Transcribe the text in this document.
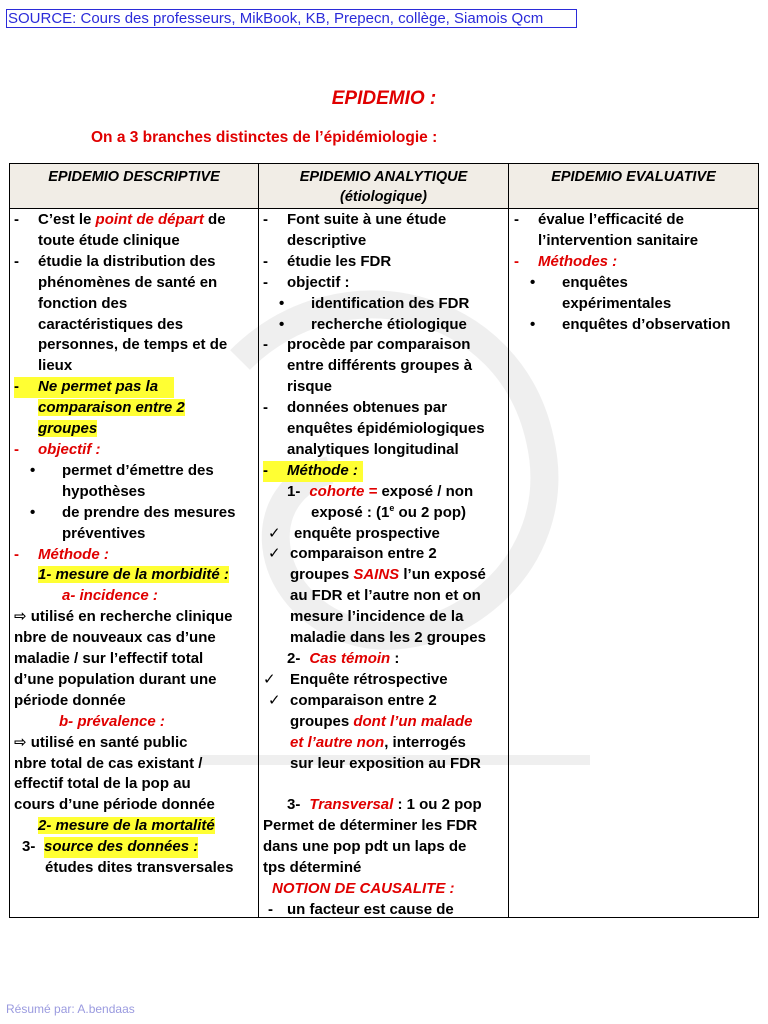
SOURCE: Cours des professeurs, MikBook, KB, Prepecn, collège, Siamois Qcm
EPIDEMIO :
On a 3 branches distinctes de l’épidémiologie :
EPIDEMIO DESCRIPTIVE	EPIDEMIO ANALYTIQUE
(étiologique)
EPIDEMIO EVALUATIVE
- C’est le point de départ de
toute étude clinique
- étudie la distribution des
phénomènes de santé en
fonction des
caractéristiques des
personnes, de temps et de
lieux
- Ne permet pas la
comparaison entre 2
groupes
- objectif :
• permet d’émettre des
hypothèses
• de prendre des mesures
préventives
- Méthode :
1- mesure de la morbidité :
a- incidence :
⇨ utilisé en recherche clinique
nbre de nouveaux cas d’une
maladie / sur l’effectif total
d’une population durant une
période donnée
b- prévalence :
⇨ utilisé en santé public
nbre total de cas existant /
effectif total de la pop au
cours d’une période donnée
2- mesure de la mortalité
3- source des données :
études dites transversales
- Font suite à une étude
descriptive
- étudie les FDR
- objectif :
• identification des FDR
• recherche étiologique
- procède par comparaison
entre différents groupes à
risque
- données obtenues par
enquêtes épidémiologiques
analytiques longitudinal
- Méthode :
1- cohorte = exposé / non
exposé : (1e ou 2 pop)
✓ enquête prospective
✓ comparaison entre 2
groupes SAINS l’un exposé
au FDR et l’autre non et on
mesure l’incidence de la
maladie dans les 2 groupes
2- Cas témoin :
✓ Enquête rétrospective
✓ comparaison entre 2
groupes dont l’un malade
et l’autre non, interrogés
sur leur exposition au FDR
3- Transversal : 1 ou 2 pop
Permet de déterminer les FDR
dans une pop pdt un laps de
tps déterminé
NOTION DE CAUSALITE :
- un facteur est cause de
- évalue l’efficacité de
l’intervention sanitaire
- Méthodes :
• enquêtes
expérimentales
• enquêtes d’observation
Résumé par: A.bendaas
